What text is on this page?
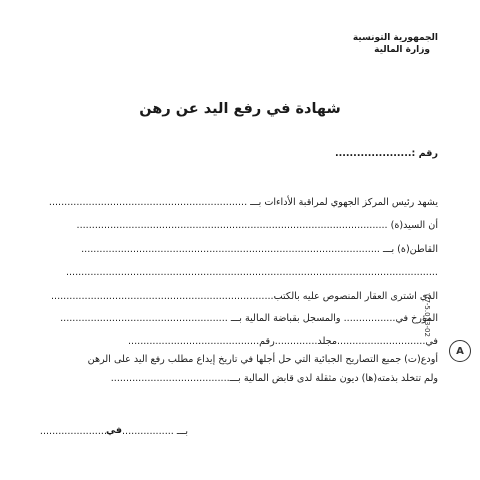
الجمهورية التونسية
وزارة المالية
شهادة في رفع اليد عن رهن
رقم :.....................
يشهد رئيس المركز الجهوي لمراقبة الأداءات بـــ .................................................................
أن السيد(ة) ......................................................................................................
القاطن(ة) بـــ ..................................................................................................
..........................................................................................................................
الذي اشترى العقار المنصوص عليه بالكتب.........................................................................
المؤرخ في................. والمسجل بقباضة المالية بـــ .......................................................
في.............................مجلد..............رقم...........................................
أودع(ت) جميع التصاريح الجبائية التي حل أجلها في تاريخ إيداع مطلب رفع اليد على الرهن
ولم تتخلد بذمته(ها) ديون مثقلة لدى قابض المالية بـــ.......................................
بـــ .................
في
......................
07-5.073-02
A
